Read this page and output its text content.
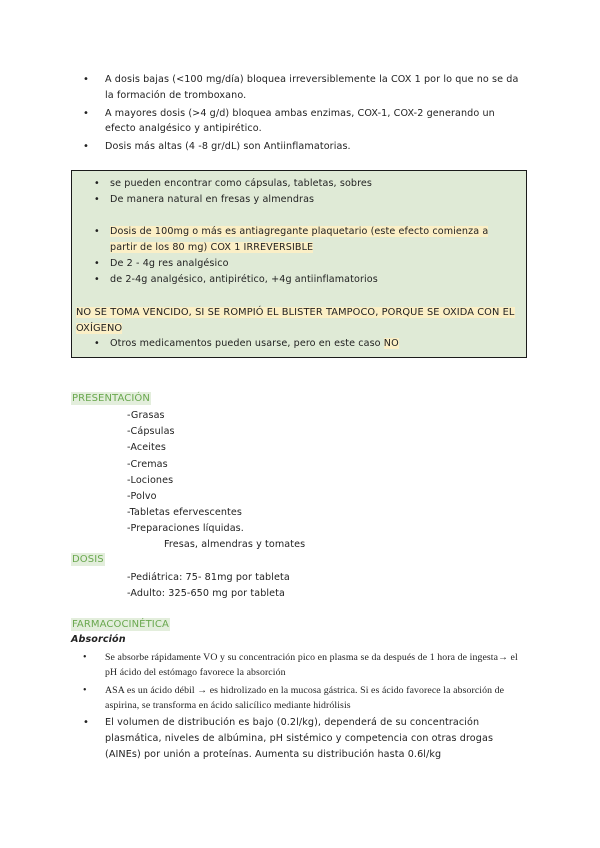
• A dosis bajas (<100 mg/día) bloquea irreversiblemente la COX 1 por lo que no se da la formación de tromboxano.
• A mayores dosis (>4 g/d) bloquea ambas enzimas, COX-1, COX-2 generando un efecto analgésico y antipirético.
• Dosis más altas (4 -8 gr/dL) son Antiinflamatorias.
• se pueden encontrar como cápsulas, tabletas, sobres
• De manera natural en fresas y almendras
• Dosis de 100mg o más es antiagregante plaquetario (este efecto comienza a partir de los 80 mg) COX 1 IRREVERSIBLE
• De 2 - 4g res analgésico
• de 2-4g analgésico, antipirético, +4g antiinflamatorios
NO SE TOMA VENCIDO, SI SE ROMPIÓ EL BLISTER TAMPOCO, PORQUE SE OXIDA CON EL OXÍGENO
• Otros medicamentos pueden usarse, pero en este caso NO
PRESENTACIÓN
-Grasas
-Cápsulas
-Aceites
-Cremas
-Lociones
-Polvo
-Tabletas efervescentes
-Preparaciones líquidas.
Fresas, almendras y tomates
DOSIS
-Pediátrica: 75- 81mg por tableta
-Adulto: 325-650 mg por tableta
FARMACOCINÉTICA
Absorción
• Se absorbe rápidamente VO y su concentración pico en plasma se da después de 1 hora de ingesta→ el pH ácido del estómago favorece la absorción
• ASA es un ácido débil → es hidrolizado en la mucosa gástrica. Si es ácido favorece la absorción de aspirina, se transforma en ácido salicílico mediante hidrólisis
• El volumen de distribución es bajo (0.2l/kg), dependerá de su concentración plasmática, niveles de albúmina, pH sistémico y competencia con otras drogas (AINEs) por unión a proteínas. Aumenta su distribución hasta 0.6l/kg
